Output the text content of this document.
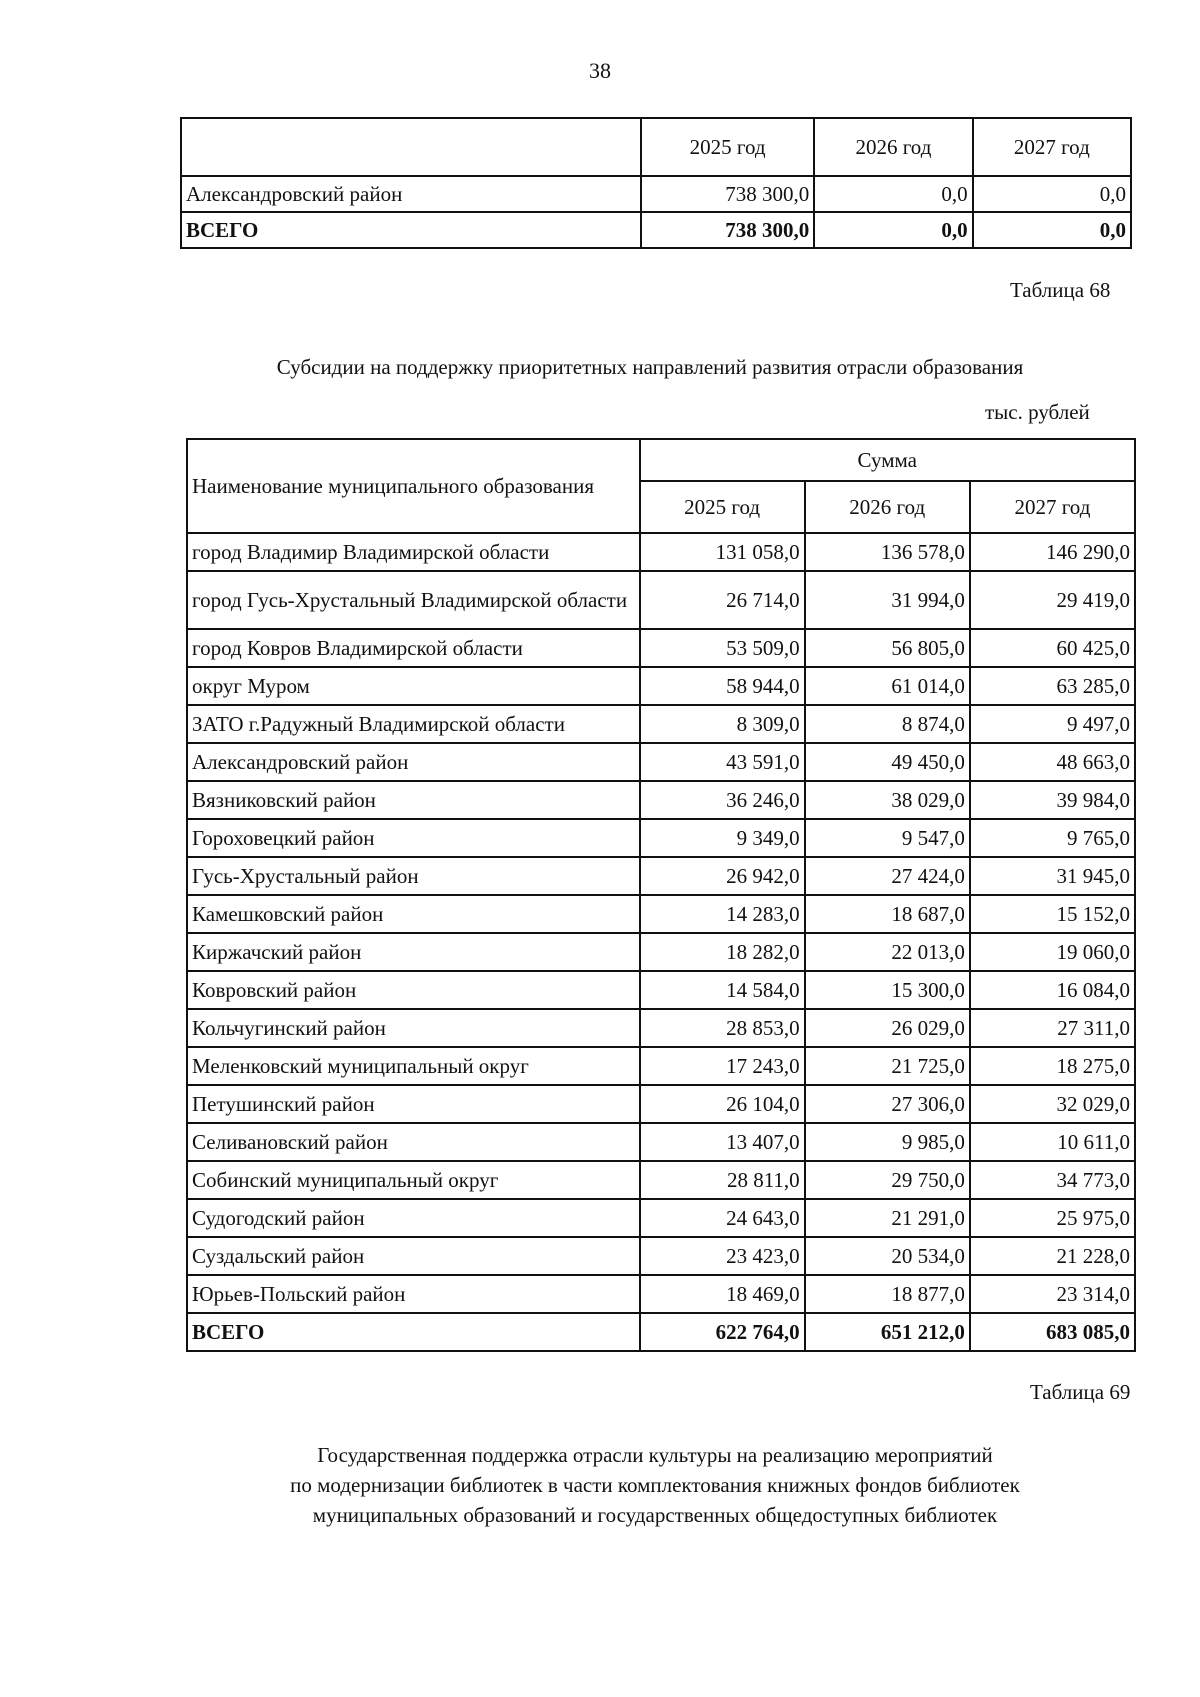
38
	2025 год	2026 год	2027 год
Александровский район	738 300,0	0,0	0,0
ВСЕГО	738 300,0	0,0	0,0
Таблица 68
Субсидии на поддержку приоритетных направлений развития отрасли образования
тыс. рублей
Наименование муниципального образования	Сумма		
	2025 год	2026 год	2027 год
город Владимир Владимирской области	131 058,0	136 578,0	146 290,0
город Гусь-Хрустальный Владимирской области	26 714,0	31 994,0	29 419,0
город Ковров Владимирской области	53 509,0	56 805,0	60 425,0
округ Муром	58 944,0	61 014,0	63 285,0
ЗАТО г.Радужный Владимирской области	8 309,0	8 874,0	9 497,0
Александровский район	43 591,0	49 450,0	48 663,0
Вязниковский район	36 246,0	38 029,0	39 984,0
Гороховецкий район	9 349,0	9 547,0	9 765,0
Гусь-Хрустальный район	26 942,0	27 424,0	31 945,0
Камешковский район	14 283,0	18 687,0	15 152,0
Киржачский район	18 282,0	22 013,0	19 060,0
Ковровский район	14 584,0	15 300,0	16 084,0
Кольчугинский район	28 853,0	26 029,0	27 311,0
Меленковский муниципальный округ	17 243,0	21 725,0	18 275,0
Петушинский район	26 104,0	27 306,0	32 029,0
Селивановский район	13 407,0	9 985,0	10 611,0
Собинский муниципальный округ	28 811,0	29 750,0	34 773,0
Судогодский район	24 643,0	21 291,0	25 975,0
Суздальский район	23 423,0	20 534,0	21 228,0
Юрьев-Польский район	18 469,0	18 877,0	23 314,0
ВСЕГО	622 764,0	651 212,0	683 085,0
Таблица 69
Государственная поддержка отрасли культуры на реализацию мероприятий
по модернизации библиотек в части комплектования книжных фондов библиотек
муниципальных образований и государственных общедоступных библиотек
